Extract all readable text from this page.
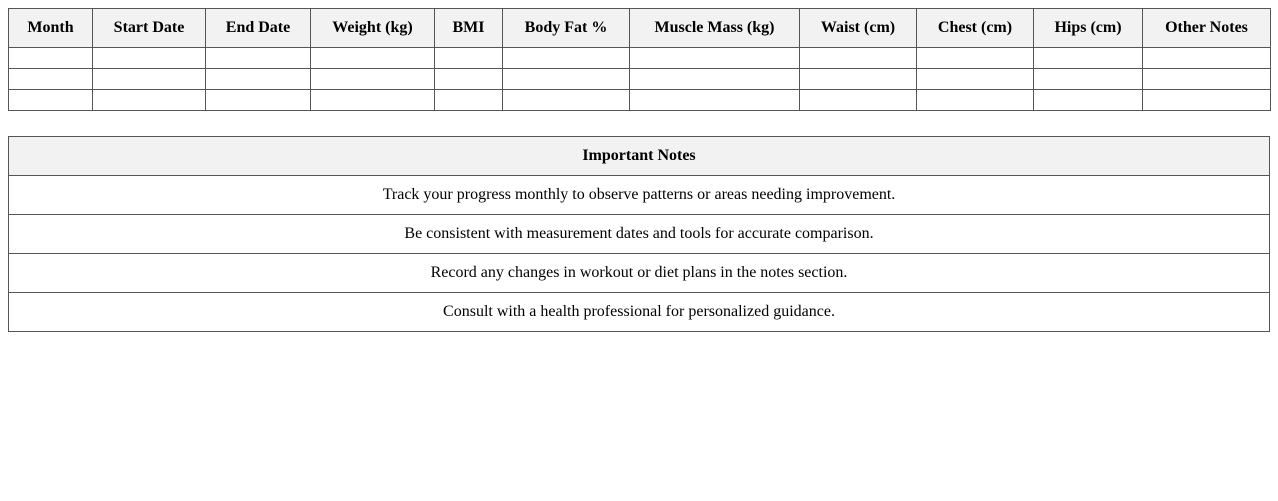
Month	Start Date	End Date	Weight (kg)	BMI	Body Fat %	Muscle Mass (kg)	Waist (cm)	Chest (cm)	Hips (cm)	Other Notes

Important Notes
Track your progress monthly to observe patterns or areas needing improvement.
Be consistent with measurement dates and tools for accurate comparison.
Record any changes in workout or diet plans in the notes section.
Consult with a health professional for personalized guidance.
